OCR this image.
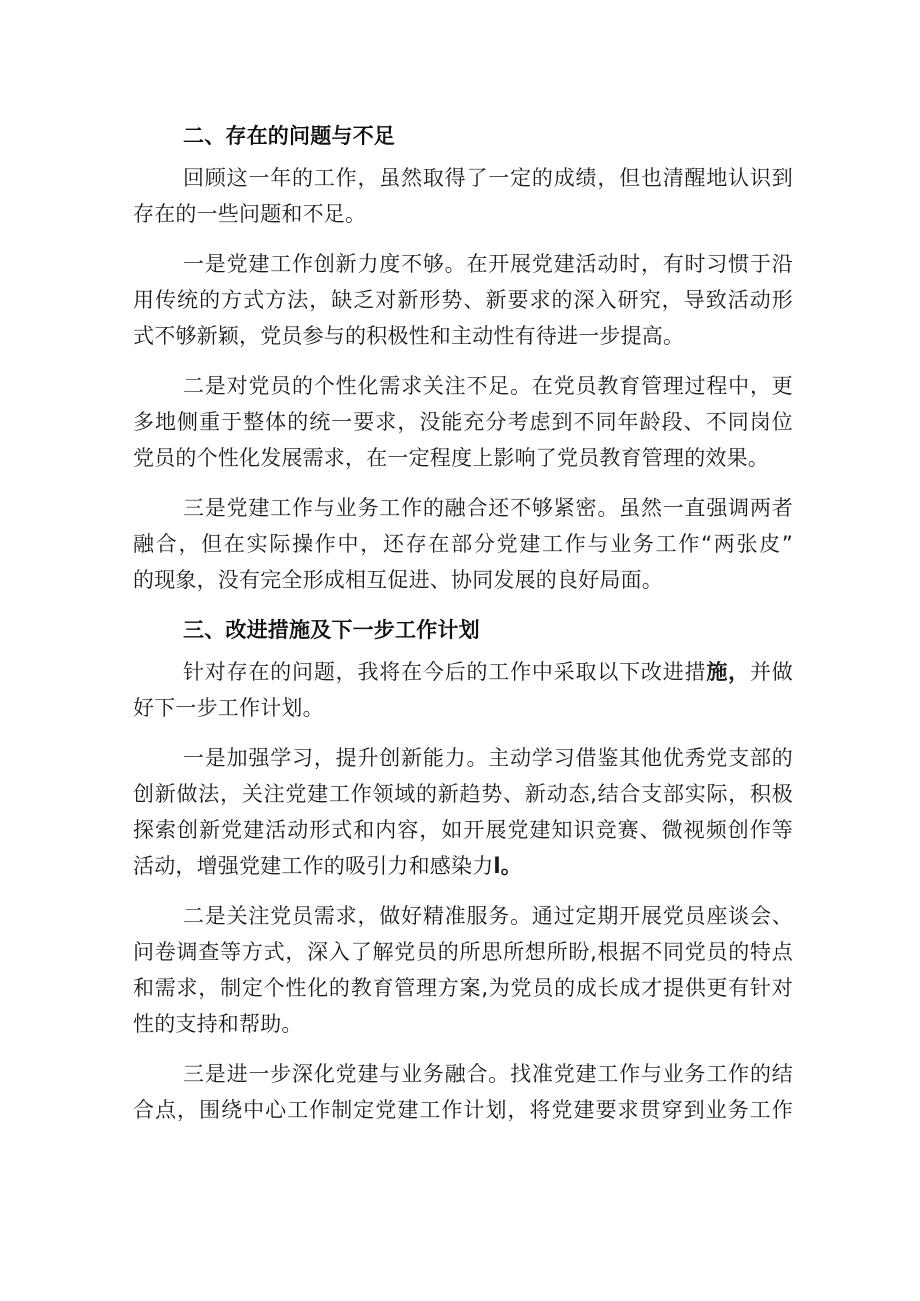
二、存在的问题与不足
回顾这一年的工作，虽然取得了一定的成绩，但也清醒地认识到
存在的一些问题和不足。
一是党建工作创新力度不够。在开展党建活动时，有时习惯于沿
用传统的方式方法，缺乏对新形势、新要求的深入研究，导致活动形
式不够新颖，党员参与的积极性和主动性有待进一步提高。
二是对党员的个性化需求关注不足。在党员教育管理过程中，更
多地侧重于整体的统一要求，没能充分考虑到不同年龄段、不同岗位
党员的个性化发展需求，在一定程度上影响了党员教育管理的效果。
三是党建工作与业务工作的融合还不够紧密。虽然一直强调两者
融合，但在实际操作中，还存在部分党建工作与业务工作“两张皮”
的现象，没有完全形成相互促进、协同发展的良好局面。
三、改进措施及下一步工作计划
针对存在的问题，我将在今后的工作中采取以下改进措施，并做
好下一步工作计划。
一是加强学习，提升创新能力。主动学习借鉴其他优秀党支部的
创新做法，关注党建工作领域的新趋势、新动态,结合支部实际，积极
探索创新党建活动形式和内容，如开展党建知识竞赛、微视频创作等
活动，增强党建工作的吸引力和感染力l。
二是关注党员需求，做好精准服务。通过定期开展党员座谈会、
问卷调查等方式，深入了解党员的所思所想所盼,根据不同党员的特点
和需求，制定个性化的教育管理方案,为党员的成长成才提供更有针对
性的支持和帮助。
三是进一步深化党建与业务融合。找准党建工作与业务工作的结
合点，围绕中心工作制定党建工作计划，将党建要求贯穿到业务工作
